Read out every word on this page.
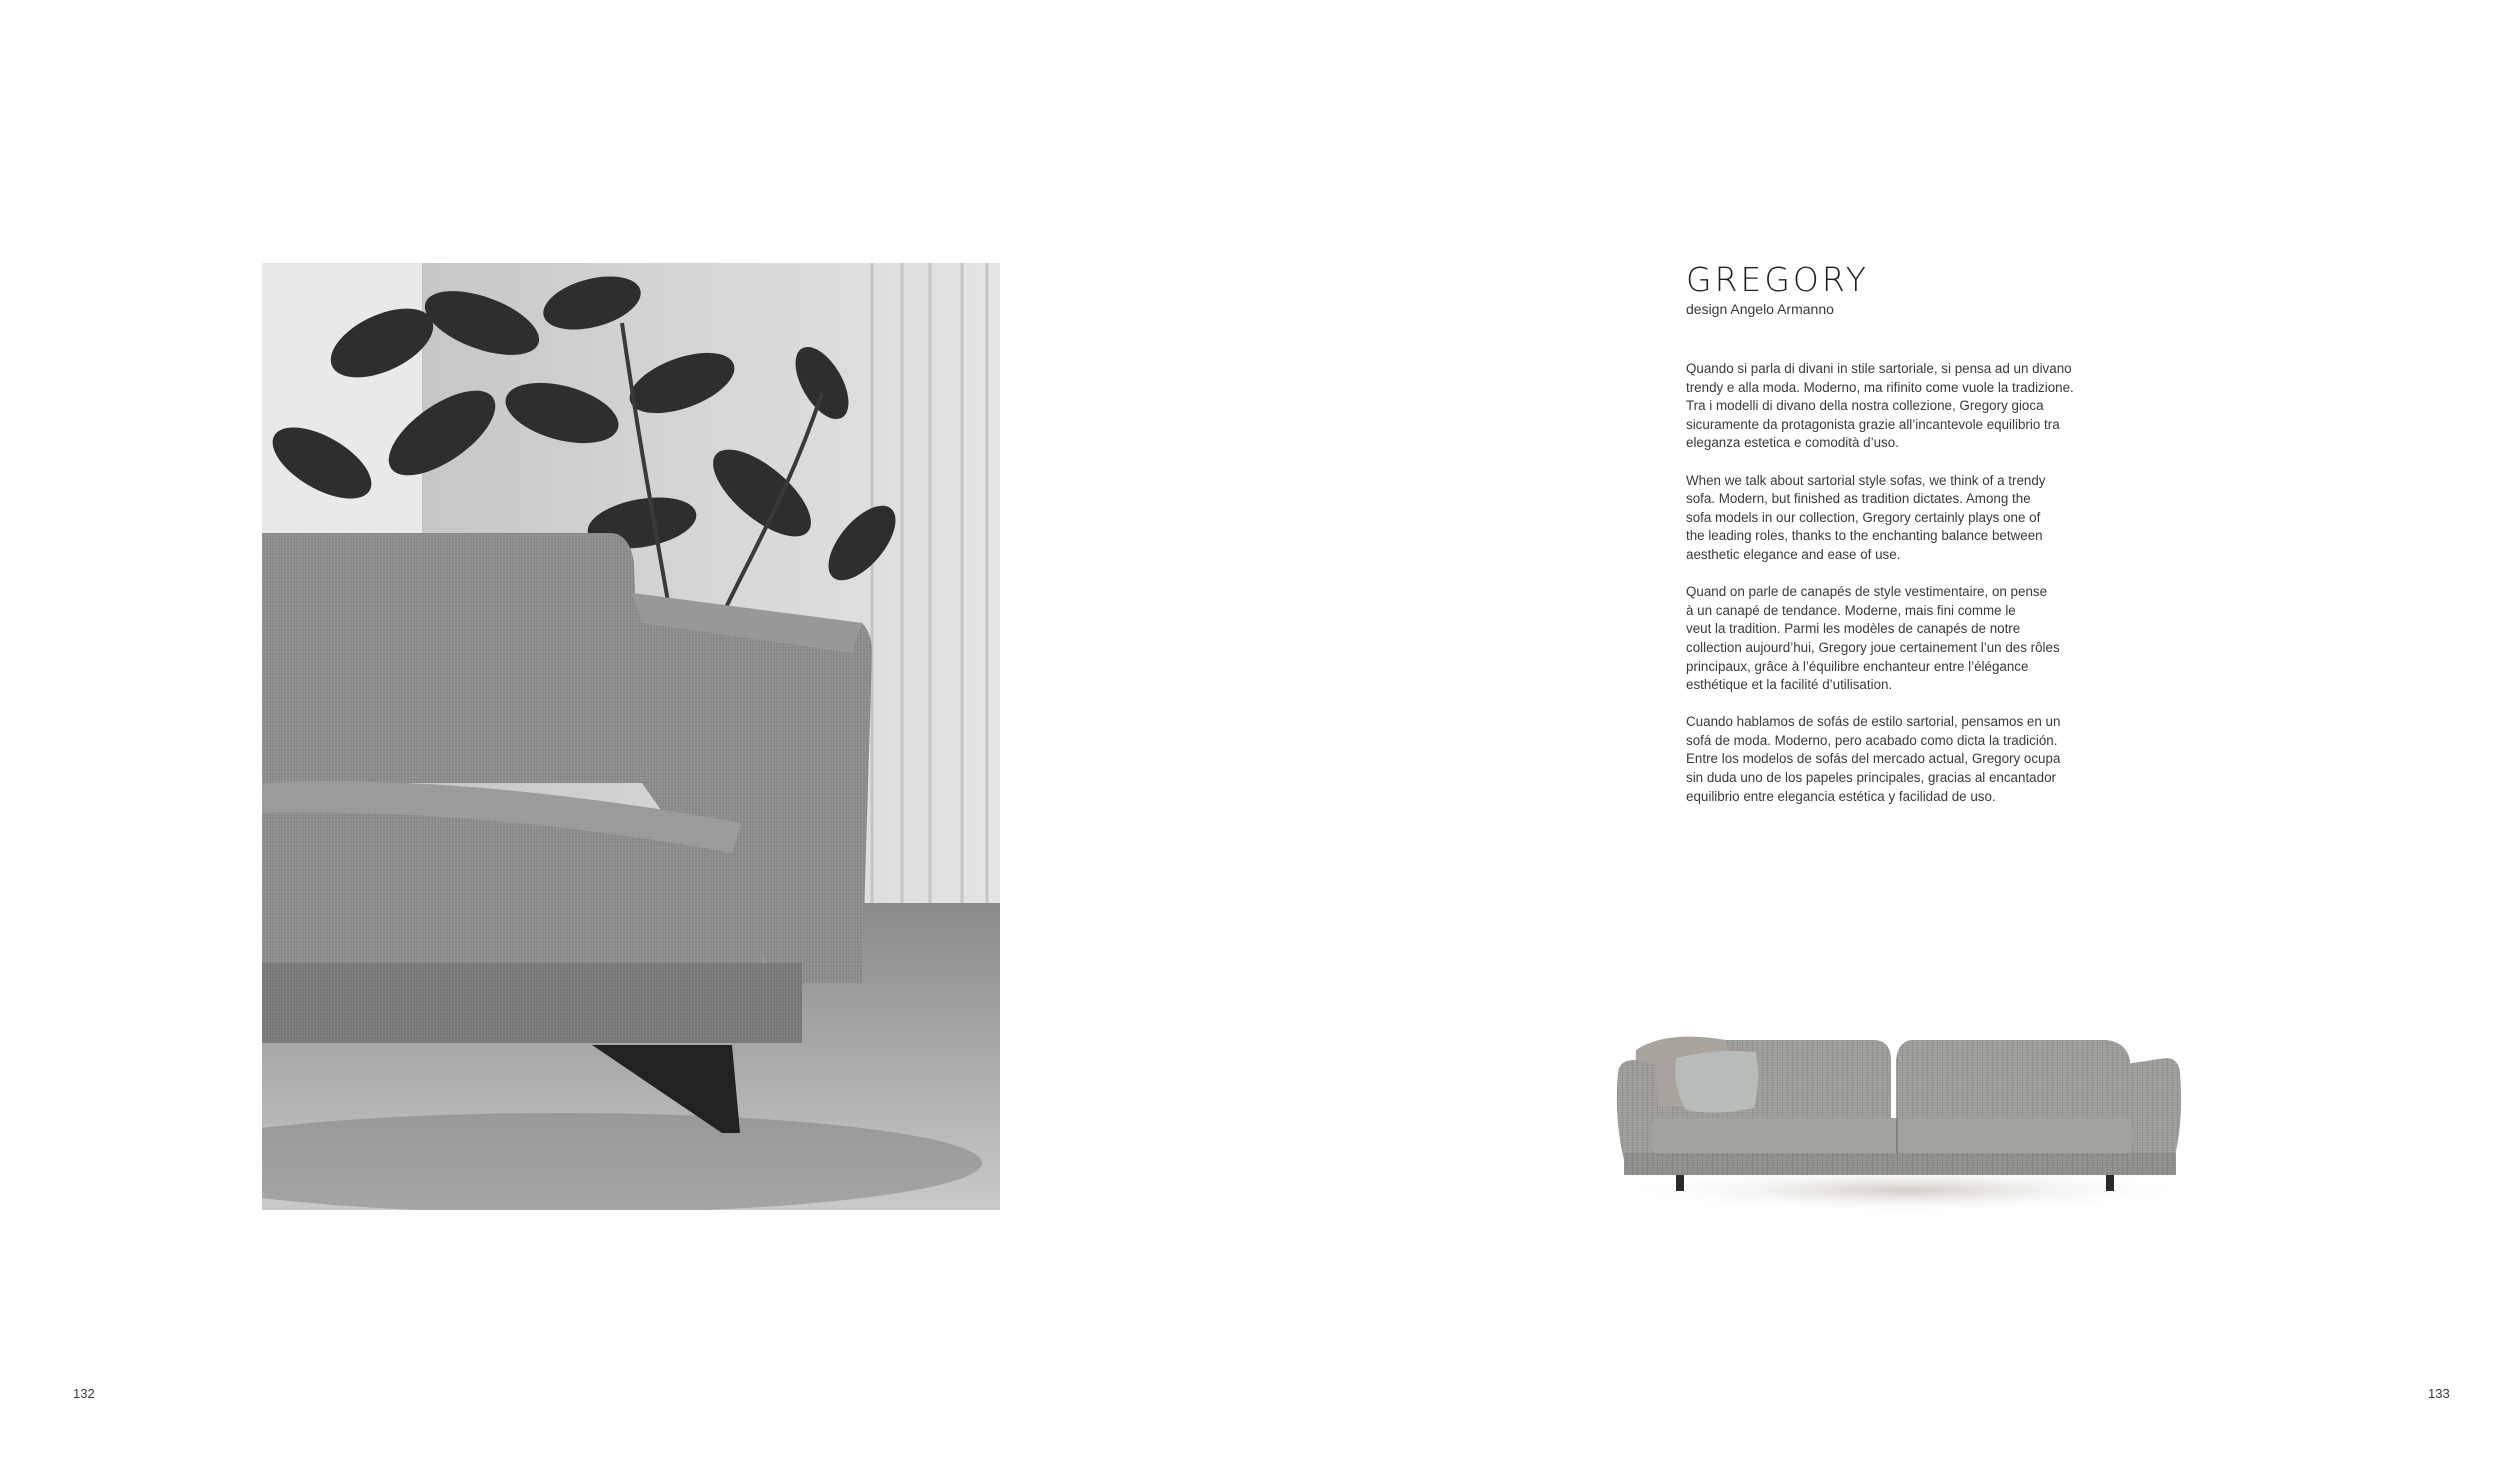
GREGORY
design Angelo Armanno

Quando si parla di divani in stile sartoriale, si pensa ad un divano
trendy e alla moda. Moderno, ma rifinito come vuole la tradizione.
Tra i modelli di divano della nostra collezione, Gregory gioca
sicuramente da protagonista grazie all’incantevole equilibrio tra
eleganza estetica e comodità d’uso.

When we talk about sartorial style sofas, we think of a trendy
sofa. Modern, but finished as tradition dictates. Among the
sofa models in our collection, Gregory certainly plays one of
the leading roles, thanks to the enchanting balance between
aesthetic elegance and ease of use.

Quand on parle de canapés de style vestimentaire, on pense
à un canapé de tendance. Moderne, mais fini comme le
veut la tradition. Parmi les modèles de canapés de notre
collection aujourd’hui, Gregory joue certainement l’un des rôles
principaux, grâce à l’équilibre enchanteur entre l’élégance
esthétique et la facilité d’utilisation.

Cuando hablamos de sofás de estilo sartorial, pensamos en un
sofá de moda. Moderno, pero acabado como dicta la tradición.
Entre los modelos de sofás del mercado actual, Gregory ocupa
sin duda uno de los papeles principales, gracias al encantador
equilibrio entre elegancia estética y facilidad de uso.

132	133
